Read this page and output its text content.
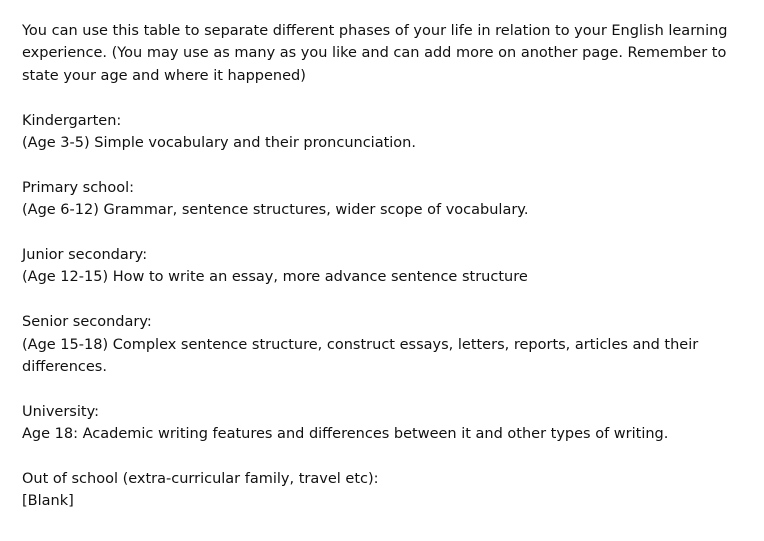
You can use this table to separate different phases of your life in relation to your English learning
experience. (You may use as many as you like and can add more on another page. Remember to
state your age and where it happened)
Kindergarten:
(Age 3-5) Simple vocabulary and their proncunciation.
Primary school:
(Age 6-12) Grammar, sentence structures, wider scope of vocabulary.
Junior secondary:
(Age 12-15) How to write an essay, more advance sentence structure
Senior secondary:
(Age 15-18) Complex sentence structure, construct essays, letters, reports, articles and their
differences.
University:
Age 18: Academic writing features and differences between it and other types of writing.
Out of school (extra-curricular family, travel etc):
[Blank]
